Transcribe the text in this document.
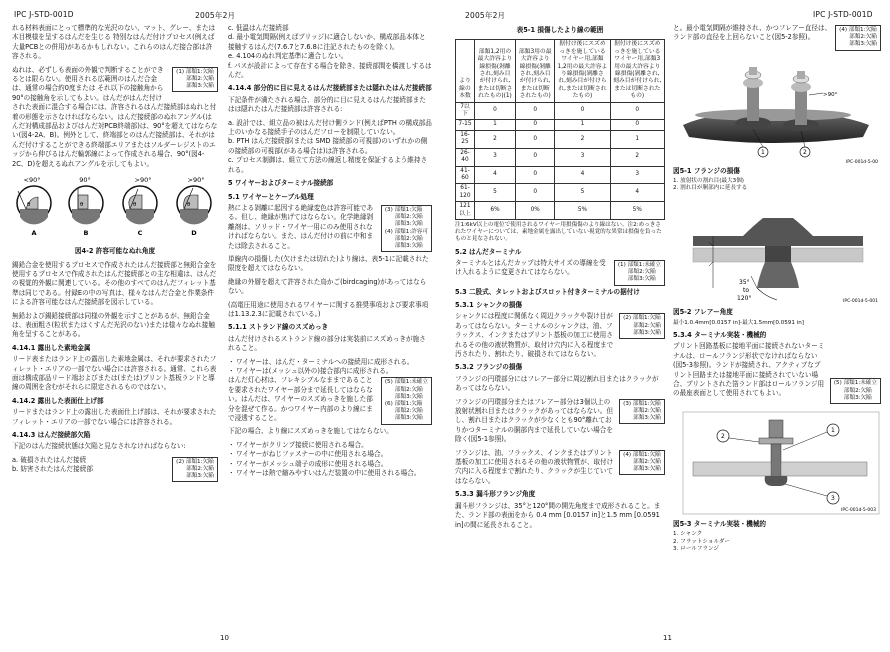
IPC J-STD-001D	2005年2月

れる材料表面にとって標準的な光沢のない、マット、グレー、または木目模様を呈するはんだを生じる 特別なはんだ付けプロセス(例えば大量PCBとの併用)があるかもしれない。これらのはんだ接合部は許容される。

(1) 部類1:欠陥
部類2:欠陥
部類3:欠陥

ぬれは、必ずしも表面の外観で判断することができるとは限らない。使用される広範囲のはんだ合金は、通常の場合約0度または それ以下の接触角から90°の接触角を示してもよい。はんだがはんだ付けされた表面に混合する場合には、許容されるはんだ接続部はぬれと付着の形態を示さなければならない。はんだ接続部のぬれアングル(はんだ対構成部品およびはんだ対PCB終端部)は、90°を超えてはならない(図4-2A、B)。例外として、終端部とのはんだ接続部は、それがはんだ付けすることができる終端部エリアまたはソルダーレジストのエッジから伸びるはんだ輪郭線によって作成される場合、90°(図4-2C、D)を超えるぬれアングルを示してもよい。

<90°
θ
A
90°
θ
B
>90°
θ
C
>90°
θ
D
図4-2 許容可能なぬれ角度

錫鉛合金を使用するプロセスで作成されたはんだ接続部と無鉛合金を使用するプロセスで作成されたはんだ接続部との主な相違は、はんだの視覚的外観に関連している。その他のすべてのはんだフィレット基準は同じである。付録Eの中の写真は、様々なはんだ合金と作業条件による許容可能なはんだ接続部を図示している。

無鉛および錫鉛接続部は同様の外観を示すことがあるが、無鉛合金は、表面粗さ(粒状またはくすんだ光沢のない)または様々なぬれ接触角を呈することがある。

4.14.1 露出した素地金属

リード表またはランド上の露出した素地金属は、それが要求されたフィレット・エリアの一部でない場合には許容される。通常、これら表面は構成部品リード端およびまたは(または)プリント基板ランドと導線の周囲を含むがそれらに限定されるものではない。

4.14.2 露出した表面仕上げ部

リードまたはランド上の露出した表面仕上げ部は、それが要求されたフィレット・エリアの一部でない場合には許容される。

4.14.3 はんだ接続部欠陥

下記のはんだ接続状態は欠陥と見なされなければならない:

(2) 部類1:欠陥
部類2:欠陥
部類3:欠陥
a. 破損されたはんだ接続
b. 妨害されたはんだ接続部
c. 低温はんだ接続部
d. 最小電気間隔(例えばブリッジ)に適合しないか、構成部品本体と接触するはんだ(7.6.7と7.6.8に注記されたものを除く)。
e. 4.104のぬれ判定基準に適合しない。
f. パスが設計によって存在する場合を除き、接続部間を橋渡しするはんだ。
4.14.4 部分的に目に見えるはんだ接続部または隠れたはんだ接続部

下記条件が満たされる場合、部分的に目に見えるはんだ接続部またはは隠れたはんだ接続部は許容される:

a. 設計では、組立品の被はんだ付け側ランド(例えばPTH の構成部品上のいかなる接続手子のはんだフローを制限していない。
b. PTH はんだ接続部(または SMD 接続部の可視部)のいずれかの側の接続部の可視部(がある場合は)は許容される。
c. プロセス制御は、組立て方法の線返し精度を保証するよう維持される。
5 ワイヤーおよびターミナル接続部
5.1 ワイヤーとケーブル処理
(3) 部類1:欠陥
部類2:欠陥
部類3:欠陥
(4) 部類1:許容可
部類2:欠陥
部類3:欠陥

熱による剝離に起因する絶縁変色は許容可能である。但し、絶縁が焦げてはならない。化学絶縁剝離剤は、ソリッド・ワイヤ一用にのみ使用されなければならない。また、はんだ付けの前に中和または除去されること。

単線内の損傷した(欠けまたは切れた)より線は、表5-1に記載された限度を超えてはならない。

絶縁の外層を超えて許容された鳥かご(birdcaging)があってはならない。

(高電圧用途に使用されるワイヤーに関する推奨事項および要求事項は1.13.2.3に記載されている。)

5.1.1 ストランド線のスズめっき

はんだ付けされるストランド線の部分は実装前にスズめっきが施されること。

・ ワイヤーは、はんだ・ターミナルへの接続用に成形される。
・ ワイヤーは(メッシュ以外の)接合部内に成形される。
(5) 部類1:未確立
部類2:欠陥
部類3:欠陥
(6) 部類1:欠陥
部類2:欠陥
部類3:欠陥

はんだ灯心材は、フレキシブルなままであることを要求されたワイヤー部分まで延長してはならない。はんだは、ワイヤーのスズめっきを施した部分を混ぜて作る。かつワイヤー内部のより線にまで浸透すること。

下記の場合、より線にスズめっきを施してはならない。

・ ワイヤーがクリンプ接続に使用される場合。
・ ワイヤーがねじファスナーの中に使用される場合。
・ ワイヤーがメッシュ端子の成形に使用される場合。
・ ワイヤーは熱で縮みやすいはんだ装置の中に使用される場合。
10
2005年2月	IPC J-STD-001D
表5-1 損傷したより線の範囲
より線の本数	部類1,2用の最大許容より線損傷(剝離され,刻み目が付けられ,または切断されたもの)(1)	部類3用の最大許容より線損傷(剝離され,刻み目が付けられ,または切断されたもの)	据付け後にスズめっきを施しているワイヤー用,部類1,2用の最大許容より線損傷(剝離され,刻み目が付けられ,または切断されたもの)	据付け後にスズめっきを施しているワイヤー用,部類3用の最大許容より線損傷(剝離され,刻み目が付けられ,または切断されたもの)
7以下	0	0	0	0
7-15	1	0	1	0
16-25	2	0	2	1
26-40	3	0	3	2
41-60	4	0	4	3
61-120	5	0	5	4
121以上	6%	0%	5%	5%
注1:6kV以上の電位で使用されるワイヤー用損傷傷のより線はない。注2:めっきされたワイヤーについては、素地金属を露出していない視覚的な異常は損傷を負ったものと見なされない。
5.2 はんだターミナル
(1) 部類1:未確立
部類2:欠陥
部類3:欠陥

ターミナルとはんだカップは特大サイズの導線を受け入れるように変更されてはならない。

5.3 二股式、タレットおよびスロット付きターミナルの据付け
5.3.1 シャンクの損傷
(2) 部類1:欠陥
部類2:欠陥
部類3:欠陥

シャンクには程度に関係なく周辺クラックや裂け目があってはならない。ターミナルのシャンクは、油、フラックス、インクまたはプリント基板の加工に使用されるその他の液状物質が、取付け穴内に入る程度まで汚されたり、割れたり、破損されてはならない。

5.3.2 フランジの損傷

フランジの円環部分にはフレアー部分に周辺割れ目またはクラックがあってはならない。

(3) 部類1:欠陥
部類2:欠陥
部類3:欠陥

フランジの円環部分またはフレアー部分は3個以上の放射状割れ目またはクラックがあってはならない。但し、割れ目またはクラックが少なくとも90°離れておりかつターミナルの胴部内まで延長していない場合を除く(図5-1参照)。

(4) 部類1:欠陥
部類2:欠陥
部類3:欠陥

フランジは、油、フラックス、インクまたはプリント基板の加工に使用されるその他の液状物質が、取付け穴内に入る程度まで割れたり、クラックが生じていてはならない。

5.3.3 漏斗形フランジ角度

漏斗形フランジは、35°と120°間の開先角度まで成形されること。また、ランド部の表面をから 0.4 mm [0.0157 in]と1.5 mm [0.0591 in]の間に延長されること。

(4) 部類1:欠陥
部類2:欠陥
部類3:欠陥

と。最小電気間隔が維持され、かつフレアー直径は、ランド部の直径を上回らないこと(図5-2参照)。

>90°
1	2
IPC-001d-5-00
図5-1 フランジの損傷
1. 放射状の割れ目(最大3個)
2. 割れ目が胴部内に延長する
35°
to
120°	IPC-001d-5-001
図5-2 フレアー角度
最小1.0.4mm[0.0157 in]-最大1.5mm[0.0591 in]
5.3.4 ターミナル実装・機械的
(5) 部類1:未確立
部類2:欠陥
部類3:欠陥

プリント回路基板に接地平面に接続されないターミナルは、ロールフランジ形状でなければならない(図5-3参照)。ランドが接続され、アクティブなプリント回路または接地平面に接続されていない場合、プリントされた箔ランド部はロールフランジ用の最座表面として使用されてもよい。

2
1
3
IPC-001d-5-003
図5-3 ターミナル実装・機械的
1. シャンク
2. フラットショルダー
3. ロールフランジ
11
